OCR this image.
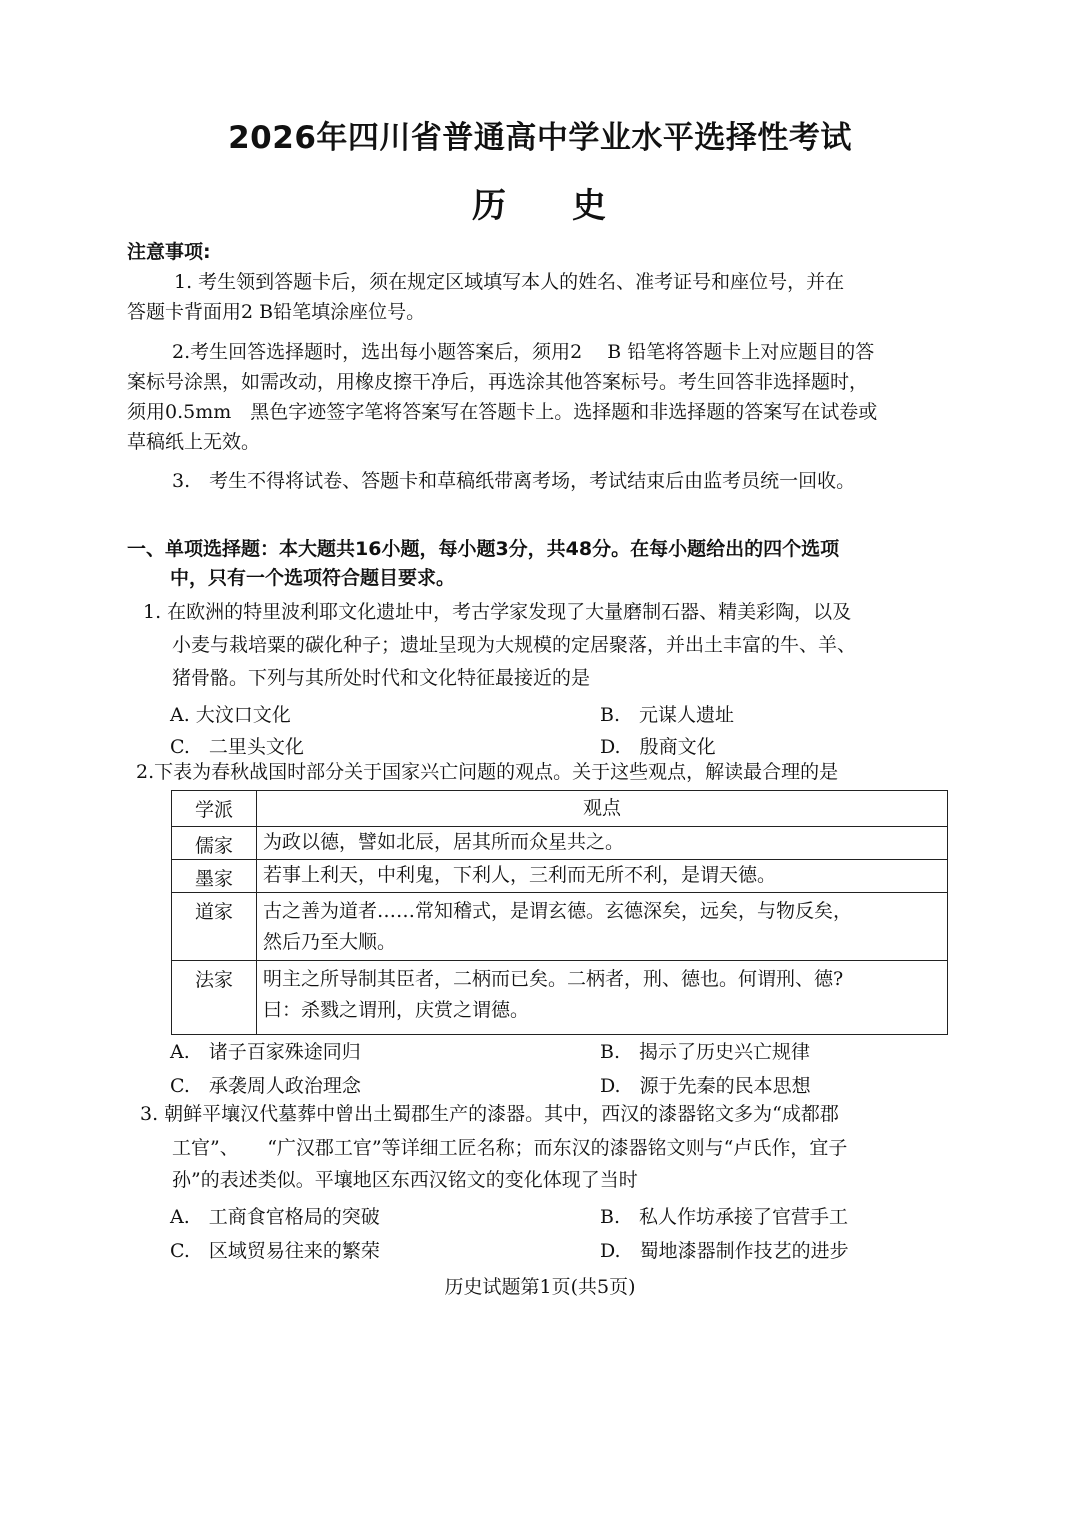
2026年四川省普通高中学业水平选择性考试
历 史
注意事项:
1. 考生领到答题卡后，须在规定区域填写本人的姓名、准考证号和座位号，并在
答题卡背面用2 B铅笔填涂座位号。
2.考生回答选择题时，选出每小题答案后，须用2　 B 铅笔将答题卡上对应题目的答
案标号涂黑，如需改动，用橡皮擦干净后，再选涂其他答案标号。考生回答非选择题时，
须用0.5mm　黑色字迹签字笔将答案写在答题卡上。选择题和非选择题的答案写在试卷或
草稿纸上无效。
3.　考生不得将试卷、答题卡和草稿纸带离考场，考试结束后由监考员统一回收。
一、单项选择题：本大题共16小题，每小题3分，共48分。在每小题给出的四个选项
中，只有一个选项符合题目要求。
1. 在欧洲的特里波利耶文化遗址中，考古学家发现了大量磨制石器、精美彩陶，以及
小麦与栽培粟的碳化种子；遗址呈现为大规模的定居聚落，并出土丰富的牛、羊、
猪骨骼。下列与其所处时代和文化特征最接近的是
A. 大汶口文化	B.　元谋人遗址
C.　二里头文化	D.　殷商文化
2.下表为春秋战国时部分关于国家兴亡问题的观点。关于这些观点，解读最合理的是
学派	观点
儒家	为政以德，譬如北辰，居其所而众星共之。
墨家	若事上利天，中利鬼，下利人，三利而无所不利，是谓天德。
道家	古之善为道者……常知稽式，是谓玄德。玄德深矣，远矣，与物反矣，
然后乃至大顺。

法家	明主之所导制其臣者，二柄而已矣。二柄者，刑、德也。何谓刑、德?
曰：杀戮之谓刑，庆赏之谓德。
A.　诸子百家殊途同归	B.　揭示了历史兴亡规律
C.　承袭周人政治理念	D.　源于先秦的民本思想
3. 朝鲜平壤汉代墓葬中曾出土蜀郡生产的漆器。其中，西汉的漆器铭文多为“成都郡
工官”、　　“广汉郡工官”等详细工匠名称；而东汉的漆器铭文则与“卢氏作，宜子
孙”的表述类似。平壤地区东西汉铭文的变化体现了当时
A.　工商食官格局的突破	B.　私人作坊承接了官营手工
C.　区域贸易往来的繁荣	D.　蜀地漆器制作技艺的进步
历史试题第1页(共5页)
